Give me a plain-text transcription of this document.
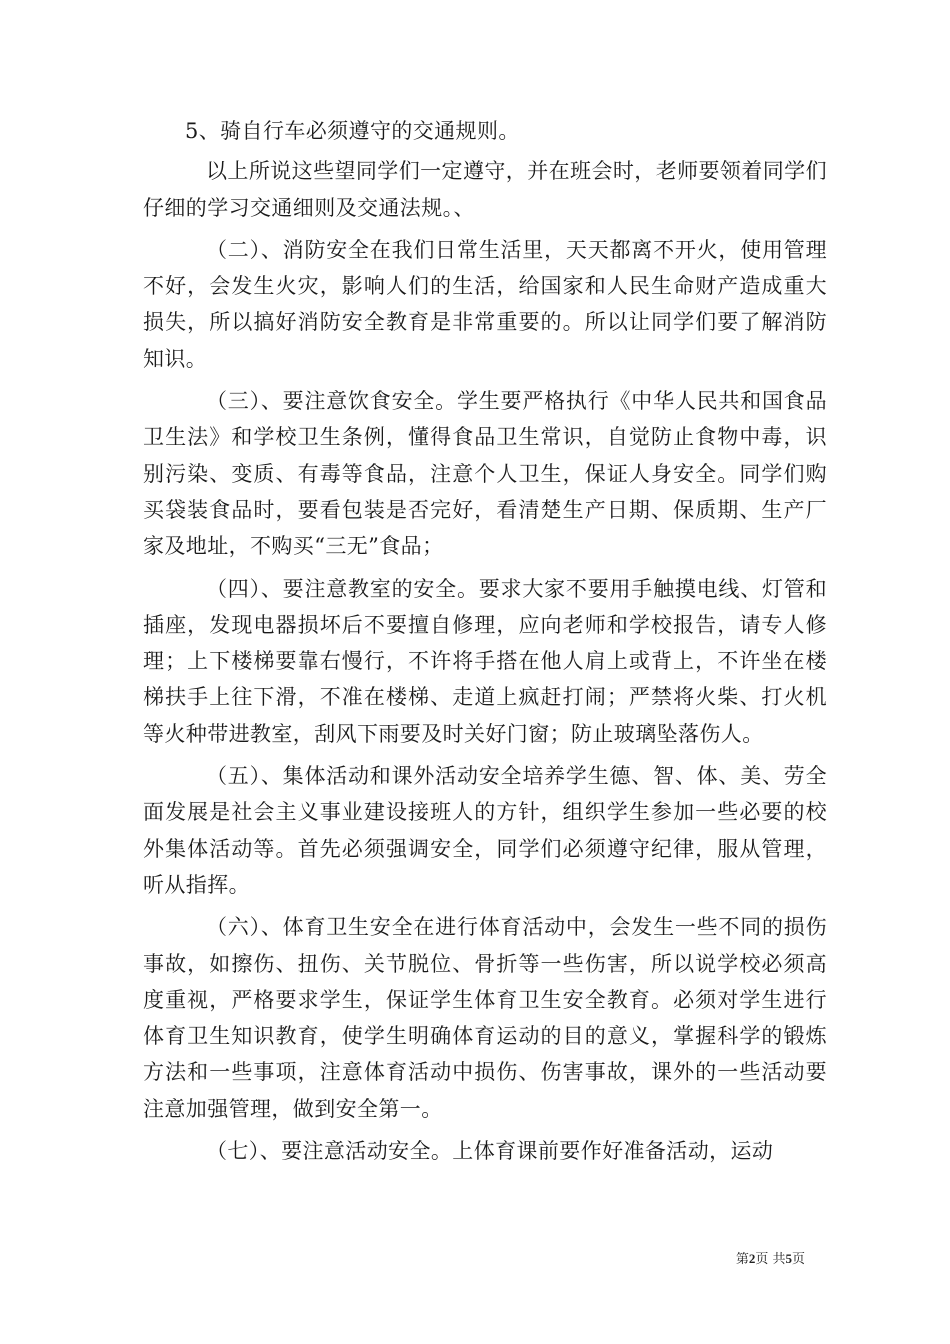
5、骑自行车必须遵守的交通规则。

以上所说这些望同学们一定遵守，并在班会时，老师要领着同学们仔细的学习交通细则及交通法规。、

（二）、消防安全在我们日常生活里，天天都离不开火，使用管理不好，会发生火灾，影响人们的生活，给国家和人民生命财产造成重大损失，所以搞好消防安全教育是非常重要的。所以让同学们要了解消防知识。

（三）、要注意饮食安全。学生要严格执行《中华人民共和国食品卫生法》和学校卫生条例，懂得食品卫生常识，自觉防止食物中毒，识别污染、变质、有毒等食品，注意个人卫生，保证人身安全。同学们购买袋装食品时，要看包装是否完好，看清楚生产日期、保质期、生产厂家及地址，不购买“三无”食品；

（四）、要注意教室的安全。要求大家不要用手触摸电线、灯管和插座，发现电器损坏后不要擅自修理，应向老师和学校报告，请专人修理；上下楼梯要靠右慢行，不许将手搭在他人肩上或背上，不许坐在楼梯扶手上往下滑，不准在楼梯、走道上疯赶打闹；严禁将火柴、打火机等火种带进教室，刮风下雨要及时关好门窗；防止玻璃坠落伤人。

（五）、集体活动和课外活动安全培养学生德、智、体、美、劳全面发展是社会主义事业建设接班人的方针，组织学生参加一些必要的校外集体活动等。首先必须强调安全，同学们必须遵守纪律，服从管理，听从指挥。

（六）、体育卫生安全在进行体育活动中，会发生一些不同的损伤事故，如擦伤、扭伤、关节脱位、骨折等一些伤害，所以说学校必须高度重视，严格要求学生，保证学生体育卫生安全教育。必须对学生进行体育卫生知识教育，使学生明确体育运动的目的意义，掌握科学的锻炼方法和一些事项，注意体育活动中损伤、伤害事故，课外的一些活动要注意加强管理，做到安全第一。

（七）、要注意活动安全。上体育课前要作好准备活动，运动

第2页 共5页
